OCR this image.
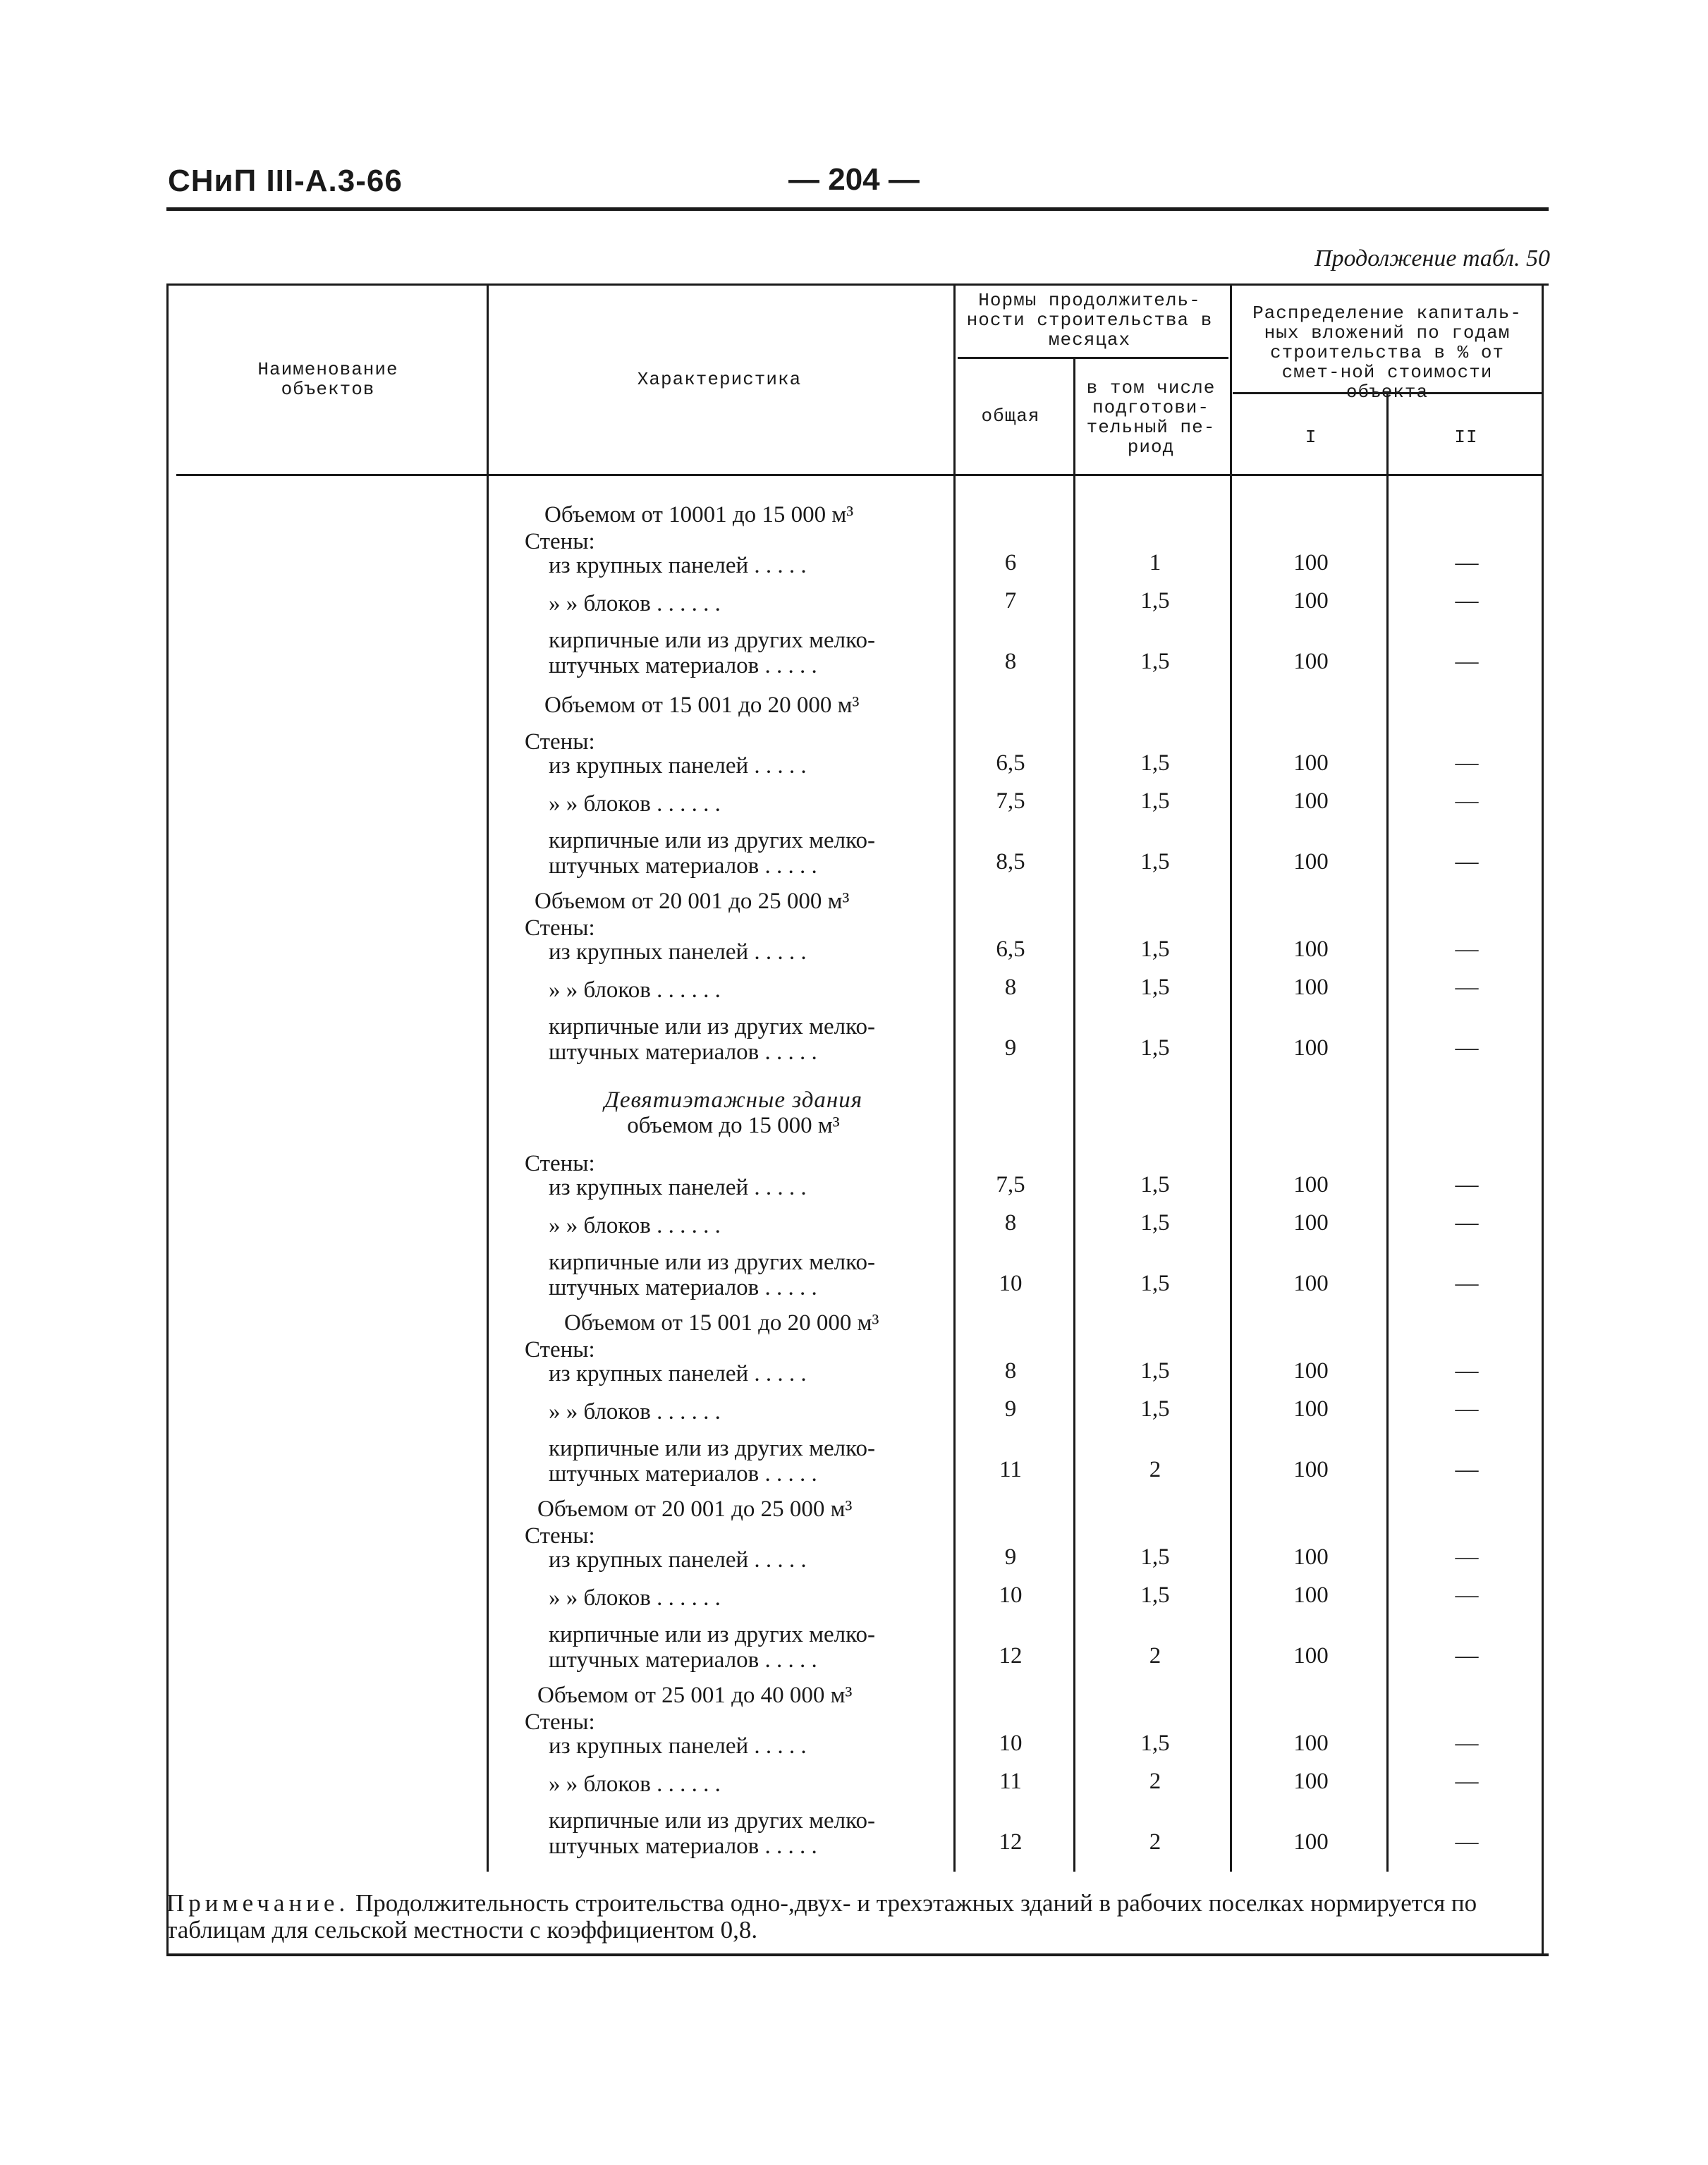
СНиП III-А.3-66	— 204 —
Продолжение табл. 50
Наименование объектов	Характеристика
Нормы продолжитель-ности строительства в месяцах
общая
в том числе подготови-тельный пе-риод
Распределение капиталь-ных вложений по годам строительства в % от смет-ной стоимости объекта
I	II
Объемом от 10001 до 15 000 м³
Стены:
из крупных панелей . . . . .	6	1	100	—
» » блоков . . . . . .	7	1,5	100	—
кирпичные или из других мелко-
штучных материалов . . . . .	8	1,5	100	—
Объемом от 15 001 до 20 000 м³
Стены:
из крупных панелей . . . . .	6,5	1,5	100	—
» » блоков . . . . . .	7,5	1,5	100	—
кирпичные или из других мелко-
штучных материалов . . . . .	8,5	1,5	100	—
Объемом от 20 001 до 25 000 м³
Стены:
из крупных панелей . . . . .	6,5	1,5	100	—
» » блоков . . . . . .	8	1,5	100	—
кирпичные или из других мелко-
штучных материалов . . . . .	9	1,5	100	—
Девятиэтажные здания
объемом до 15 000 м³
Стены:
из крупных панелей . . . . .	7,5	1,5	100	—
» » блоков . . . . . .	8	1,5	100	—
кирпичные или из других мелко-
штучных материалов . . . . .	10	1,5	100	—
Объемом от 15 001 до 20 000 м³
Стены:
из крупных панелей . . . . .	8	1,5	100	—
» » блоков . . . . . .	9	1,5	100	—
кирпичные или из других мелко-
штучных материалов . . . . .	11	2	100	—
Объемом от 20 001 до 25 000 м³
Стены:
из крупных панелей . . . . .	9	1,5	100	—
» » блоков . . . . . .	10	1,5	100	—
кирпичные или из других мелко-
штучных материалов . . . . .	12	2	100	—
Объемом от 25 001 до 40 000 м³
Стены:
из крупных панелей . . . . .	10	1,5	100	—
» » блоков . . . . . .	11	2	100	—
кирпичные или из других мелко-
штучных материалов . . . . .	12	2	100	—
Примечание. Продолжительность строительства одно-,двух- и трехэтажных зданий в рабочих поселках нормируется по таблицам для сельской местности с коэффициентом 0,8.
